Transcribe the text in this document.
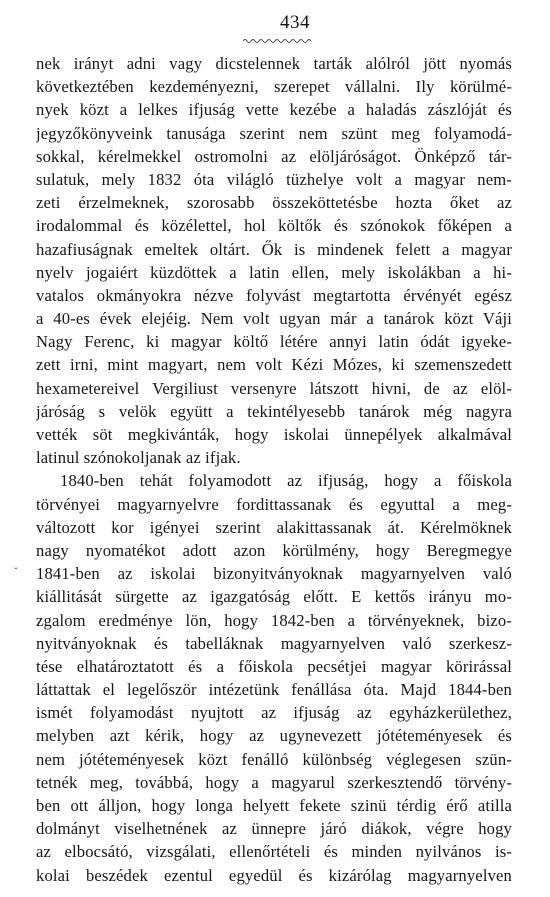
434
ˇ
nek irányt adni vagy dicstelennek tarták alólról jött nyomás
következtében kezdeményezni, szerepet vállalni. Ily körülmé-
nyek közt a lelkes ifjuság vette kezébe a haladás zászlóját és
jegyzőkönyveink tanusága szerint nem szünt meg folyamodá-
sokkal, kérelmekkel ostromolni az elöljáróságot. Önképző tár-
sulatuk, mely 1832 óta világló tüzhelye volt a magyar nem-
zeti érzelmeknek, szorosabb összeköttetésbe hozta őket az
irodalommal és közélettel, hol költők és szónokok főképen a
hazafiuságnak emeltek oltárt. Ők is mindenek felett a magyar
nyelv jogaiért küzdöttek a latin ellen, mely iskolákban a hi-
vatalos okmányokra nézve folyvást megtartotta érvényét egész
a 40-es évek elejéig. Nem volt ugyan már a tanárok közt Váji
Nagy Ferenc, ki magyar költő létére annyi latin ódát igyeke-
zett irni, mint magyart, nem volt Kézi Mózes, ki szemenszedett
hexametereivel Vergiliust versenyre látszott hivni, de az elöl-
járóság s velök együtt a tekintélyesebb tanárok még nagyra
vették söt megkivánták, hogy iskolai ünnepélyek alkalmával
latinul szónokoljanak az ifjak.
1840-ben tehát folyamodott az ifjuság, hogy a főiskola
törvényei magyarnyelvre fordittassanak és egyuttal a meg-
változott kor igényei szerint alakittassanak át. Kérelmöknek
nagy nyomatékot adott azon körülmény, hogy Beregmegye
1841-ben az iskolai bizonyitványoknak magyarnyelven való
kiállitását sürgette az igazgatóság előtt. E kettős irányu mo-
zgalom eredménye lön, hogy 1842-ben a törvényeknek, bizo-
nyitványoknak és tabelláknak magyarnyelven való szerkesz-
tése elhatároztatott és a főiskola pecsétjei magyar körirással
láttattak el legelőször intézetünk fenállása óta. Majd 1844-ben
ismét folyamodást nyujtott az ifjuság az egyházkerülethez,
melyben azt kérik, hogy az ugynevezett jótéteményesek és
nem jótéteményesek közt fenálló különbség véglegesen szün-
tetnék meg, továbbá, hogy a magyarul szerkesztendő törvény-
ben ott álljon, hogy longa helyett fekete szinü térdig érő atilla
dolmányt viselhetnének az ünnepre járó diákok, végre hogy
az elbocsátó, vizsgálati, ellenőrtételi és minden nyilvános is-
kolai beszédek ezentul egyedül és kizárólag magyarnyelven
